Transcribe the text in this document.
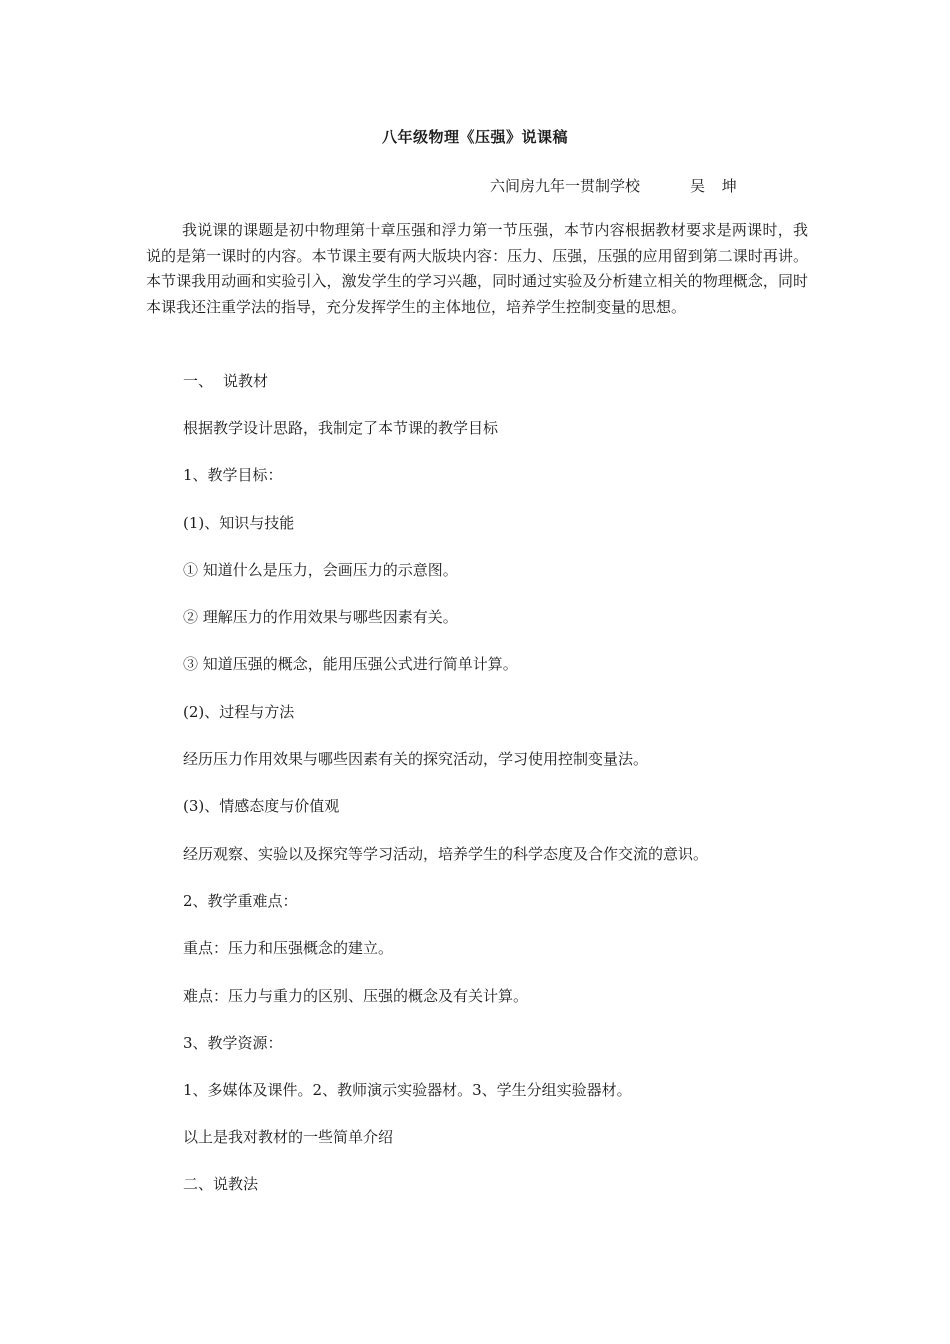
八年级物理《压强》说课稿
六间房九年一贯制学校	吴 坤

我说课的课题是初中物理第十章压强和浮力第一节压强，本节内容根据教材要求是两课时，我说的是第一课时的内容。本节课主要有两大版块内容：压力、压强，压强的应用留到第二课时再讲。本节课我用动画和实验引入，激发学生的学习兴趣，同时通过实验及分析建立相关的物理概念，同时本课我还注重学法的指导，充分发挥学生的主体地位，培养学生控制变量的思想。

一、 说教材

根据教学设计思路，我制定了本节课的教学目标

1、教学目标：

(1)、知识与技能

① 知道什么是压力，会画压力的示意图。

② 理解压力的作用效果与哪些因素有关。

③ 知道压强的概念，能用压强公式进行简单计算。

(2)、过程与方法

经历压力作用效果与哪些因素有关的探究活动，学习使用控制变量法。

(3)、情感态度与价值观

经历观察、实验以及探究等学习活动，培养学生的科学态度及合作交流的意识。

2、教学重难点：

重点：压力和压强概念的建立。

难点：压力与重力的区别、压强的概念及有关计算。

3、教学资源：

1、多媒体及课件。2、教师演示实验器材。3、学生分组实验器材。

以上是我对教材的一些简单介绍

二、说教法
